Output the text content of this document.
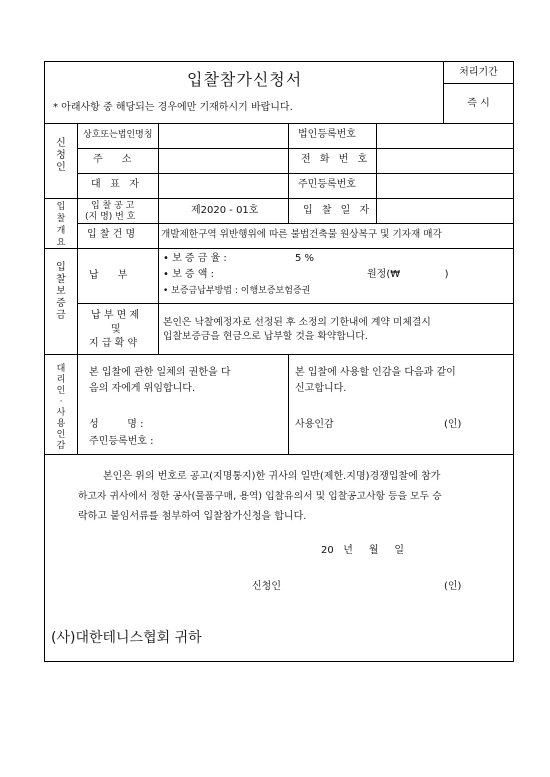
입찰참가신청서
* 아래사항 중 해당되는 경우에만 기재하시기 바랍니다.
처리기간
즉 시
신
청
인
상호또는법인명칭	법인등록번호
주      소	전 화 번 호
대   표   자	주민등록번호
입
찰
개
요
입 찰 공 고
(지 명) 번 호
제2020 - 01호	입 찰 일 자
입 찰 건 명	개발제한구역 위반행위에 따른 불법건축물 원상복구 및 기자재 매각
입
찰
보
증
금
납      부
• 보 증 금 율 :	5 %
• 보 증 액 :	원정(₩              )
• 보증금납부방법 : 이행보증보험증권
납 부 면 제
및
지 급 확 약
본인은 낙찰예정자로 선정된 후 소정의 기한내에 계약 미체결시
입찰보증금을 현금으로 납부할 것을 확약합니다.
대
리
인
·
사
용
인
감
본 입찰에 관한 일체의 권한을 다
음의 자에게 위임합니다.
성         명 :
주민등록번호 :
본 입찰에 사용할 인감을 다음과 같이
신고합니다.
사용인감	(인)
본인은 위의 번호로 공고(지명통지)한 귀사의 일반(제한.지명)경쟁입찰에 참가
하고자 귀사에서 정한 공사(물품구매, 용역) 입찰유의서 및 입찰공고사항 등을 모두 승
락하고 붙임서류를 첨부하여 입찰참가신청을 합니다.
20   년     월     일
신청인	(인)
(사)대한테니스협회 귀하
